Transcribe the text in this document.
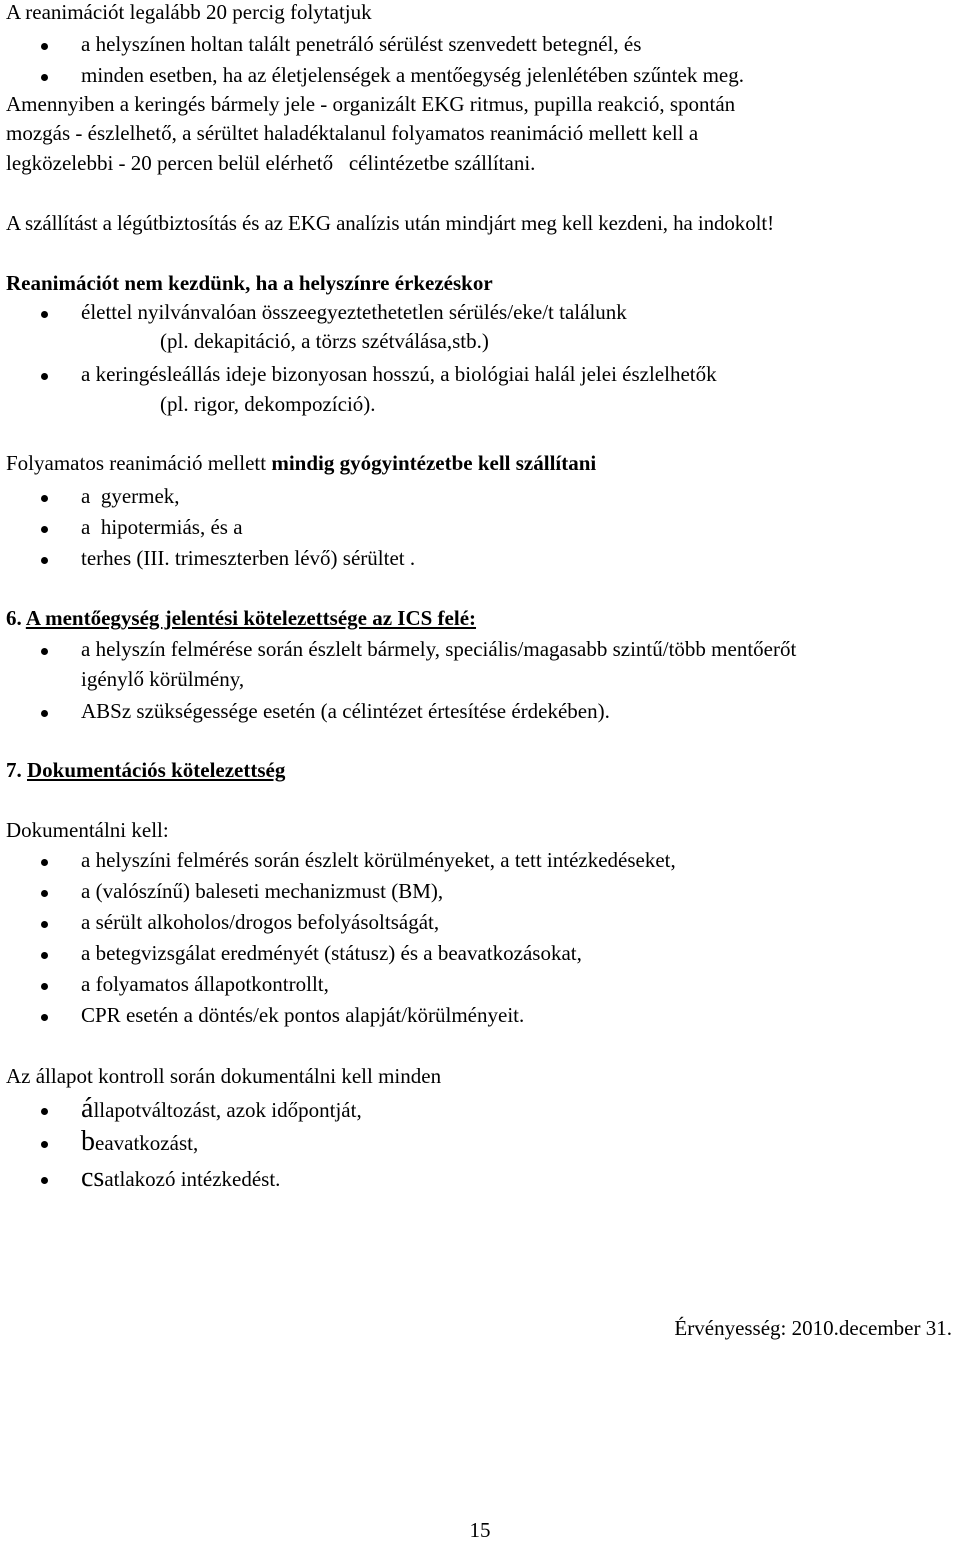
A reanimációt legalább 20 percig folytatjuk
a helyszínen holtan talált penetráló sérülést szenvedett betegnél, és
minden esetben, ha az életjelenségek a mentőegység jelenlétében szűntek meg.
Amennyiben a keringés bármely jele - organizált EKG ritmus, pupilla reakció, spontán
mozgás - észlelhető, a sérültet haladéktalanul folyamatos reanimáció mellett kell a
legközelebbi - 20 percen belül elérhető   célintézetbe szállítani.
A szállítást a légútbiztosítás és az EKG analízis után mindjárt meg kell kezdeni, ha indokolt!
Reanimációt nem kezdünk, ha a helyszínre érkezéskor
élettel nyilvánvalóan összeegyeztethetetlen sérülés/eke/t találunk
(pl. dekapitáció, a törzs szétválása,stb.)
a keringésleállás ideje bizonyosan hosszú, a biológiai halál jelei észlelhetők
(pl. rigor, dekompozíció).
Folyamatos reanimáció mellett mindig gyógyintézetbe kell szállítani
a  gyermek,
a  hipotermiás, és a
terhes (III. trimeszterben lévő) sérültet .
6. A mentőegység jelentési kötelezettsége az ICS felé:
a helyszín felmérése során észlelt bármely, speciális/magasabb szintű/több mentőerőt
igénylő körülmény,
ABSz szükségessége esetén (a célintézet értesítése érdekében).
7. Dokumentációs kötelezettség
Dokumentálni kell:
a helyszíni felmérés során észlelt körülményeket, a tett intézkedéseket,
a (valószínű) baleseti mechanizmust (BM),
a sérült alkoholos/drogos befolyásoltságát,
a betegvizsgálat eredményét (státusz) és a beavatkozásokat,
a folyamatos állapotkontrollt,
CPR esetén a döntés/ek pontos alapját/körülményeit.
Az állapot kontroll során dokumentálni kell minden
állapotváltozást, azok időpontját,
beavatkozást,
csatlakozó intézkedést.
Érvényesség: 2010.december 31.
15
